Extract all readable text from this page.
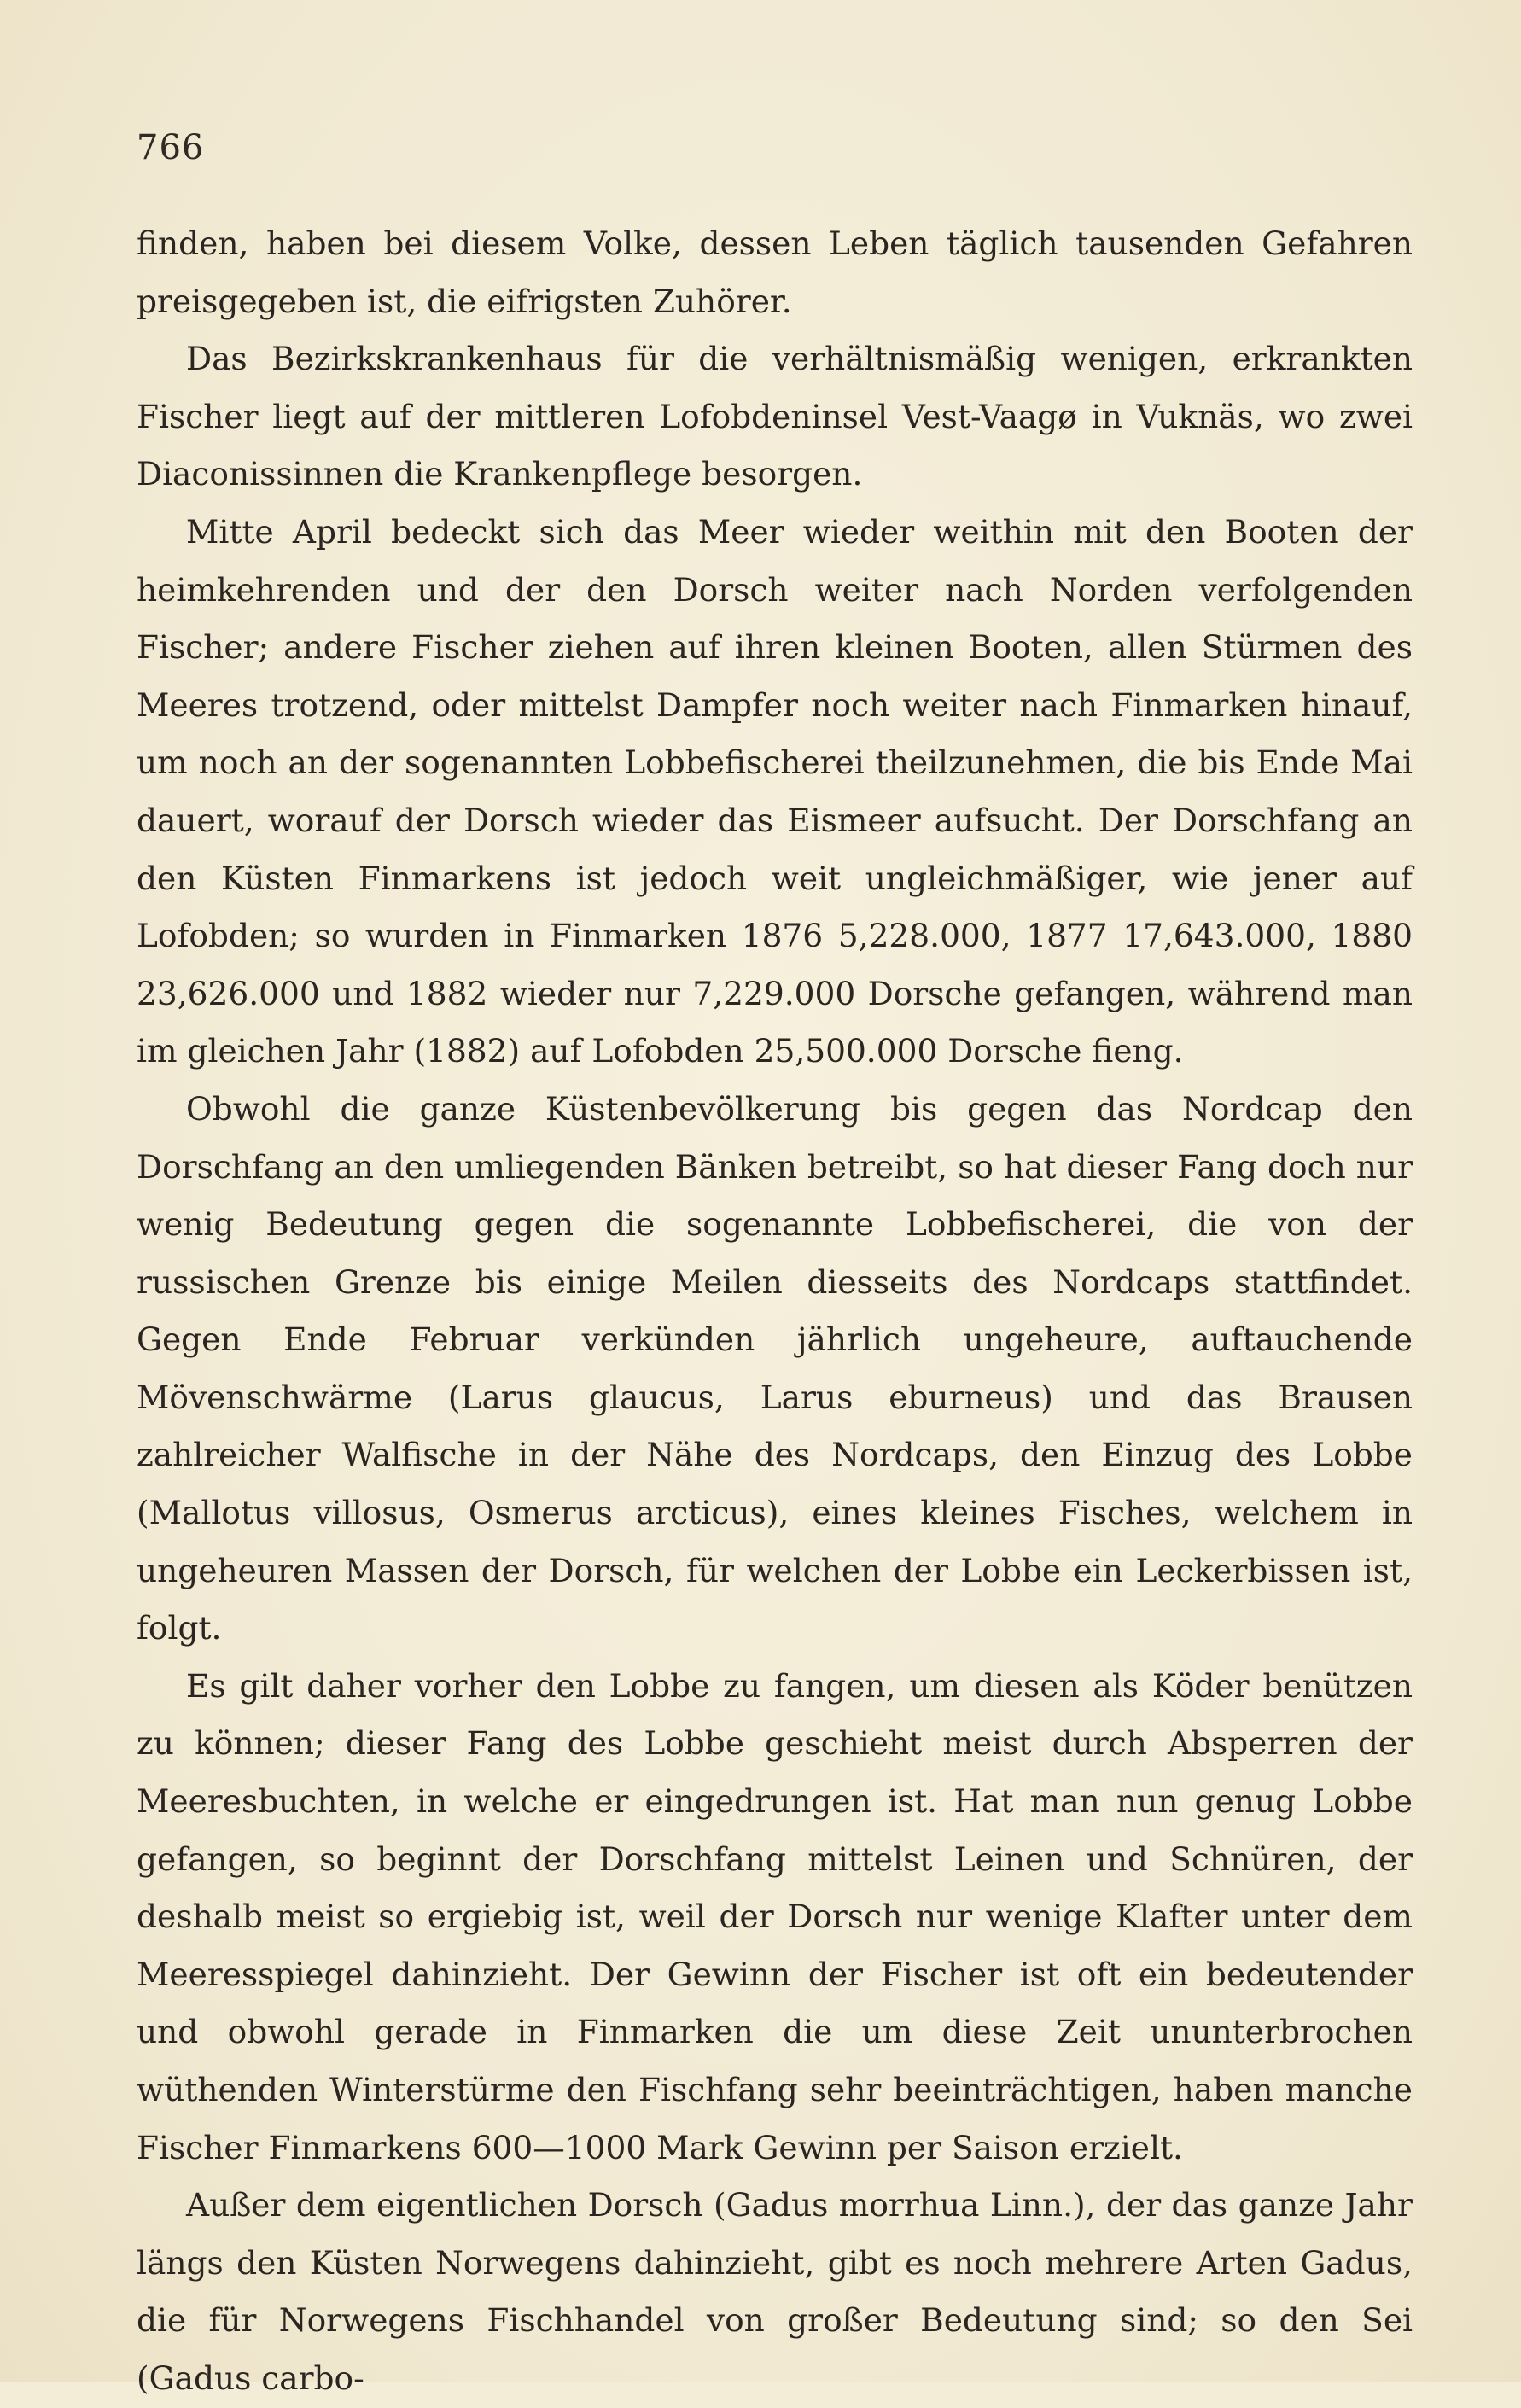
766

finden, haben bei diesem Volke, dessen Leben täglich tausenden Gefahren preisgegeben ist, die eifrigsten Zuhörer.

Das Bezirkskrankenhaus für die verhältnismäßig wenigen, erkrankten Fischer liegt auf der mittleren Lofobdeninsel Vest-Vaagø in Vuknäs, wo zwei Diaconissinnen die Krankenpflege besorgen.

Mitte April bedeckt sich das Meer wieder weithin mit den Booten der heimkehrenden und der den Dorsch weiter nach Norden verfolgenden Fischer; andere Fischer ziehen auf ihren kleinen Booten, allen Stürmen des Meeres trotzend, oder mittelst Dampfer noch weiter nach Finmarken hinauf, um noch an der sogenannten Lobbefischerei theilzunehmen, die bis Ende Mai dauert, worauf der Dorsch wieder das Eismeer aufsucht. Der Dorschfang an den Küsten Finmarkens ist jedoch weit ungleichmäßiger, wie jener auf Lofobden; so wurden in Finmarken 1876 5,228.000, 1877 17,643.000, 1880 23,626.000 und 1882 wieder nur 7,229.000 Dorsche gefangen, während man im gleichen Jahr (1882) auf Lofobden 25,500.000 Dorsche fieng.

Obwohl die ganze Küstenbevölkerung bis gegen das Nordcap den Dorschfang an den umliegenden Bänken betreibt, so hat dieser Fang doch nur wenig Bedeutung gegen die sogenannte Lobbefischerei, die von der russischen Grenze bis einige Meilen diesseits des Nordcaps stattfindet. Gegen Ende Februar verkünden jährlich ungeheure, auftauchende Mövenschwärme (Larus glaucus, Larus eburneus) und das Brausen zahlreicher Walfische in der Nähe des Nordcaps, den Einzug des Lobbe (Mallotus villosus, Osmerus arcticus), eines kleines Fisches, welchem in ungeheuren Massen der Dorsch, für welchen der Lobbe ein Leckerbissen ist, folgt.

Es gilt daher vorher den Lobbe zu fangen, um diesen als Köder benützen zu können; dieser Fang des Lobbe geschieht meist durch Absperren der Meeresbuchten, in welche er eingedrungen ist. Hat man nun genug Lobbe gefangen, so beginnt der Dorschfang mittelst Leinen und Schnüren, der deshalb meist so ergiebig ist, weil der Dorsch nur wenige Klafter unter dem Meeresspiegel dahinzieht. Der Gewinn der Fischer ist oft ein bedeutender und obwohl gerade in Finmarken die um diese Zeit ununterbrochen wüthenden Winterstürme den Fischfang sehr beeinträchtigen, haben manche Fischer Finmarkens 600—1000 Mark Gewinn per Saison erzielt.

Außer dem eigentlichen Dorsch (Gadus morrhua Linn.), der das ganze Jahr längs den Küsten Norwegens dahinzieht, gibt es noch mehrere Arten Gadus, die für Norwegens Fischhandel von großer Bedeutung sind; so den Sei (Gadus carbo-
